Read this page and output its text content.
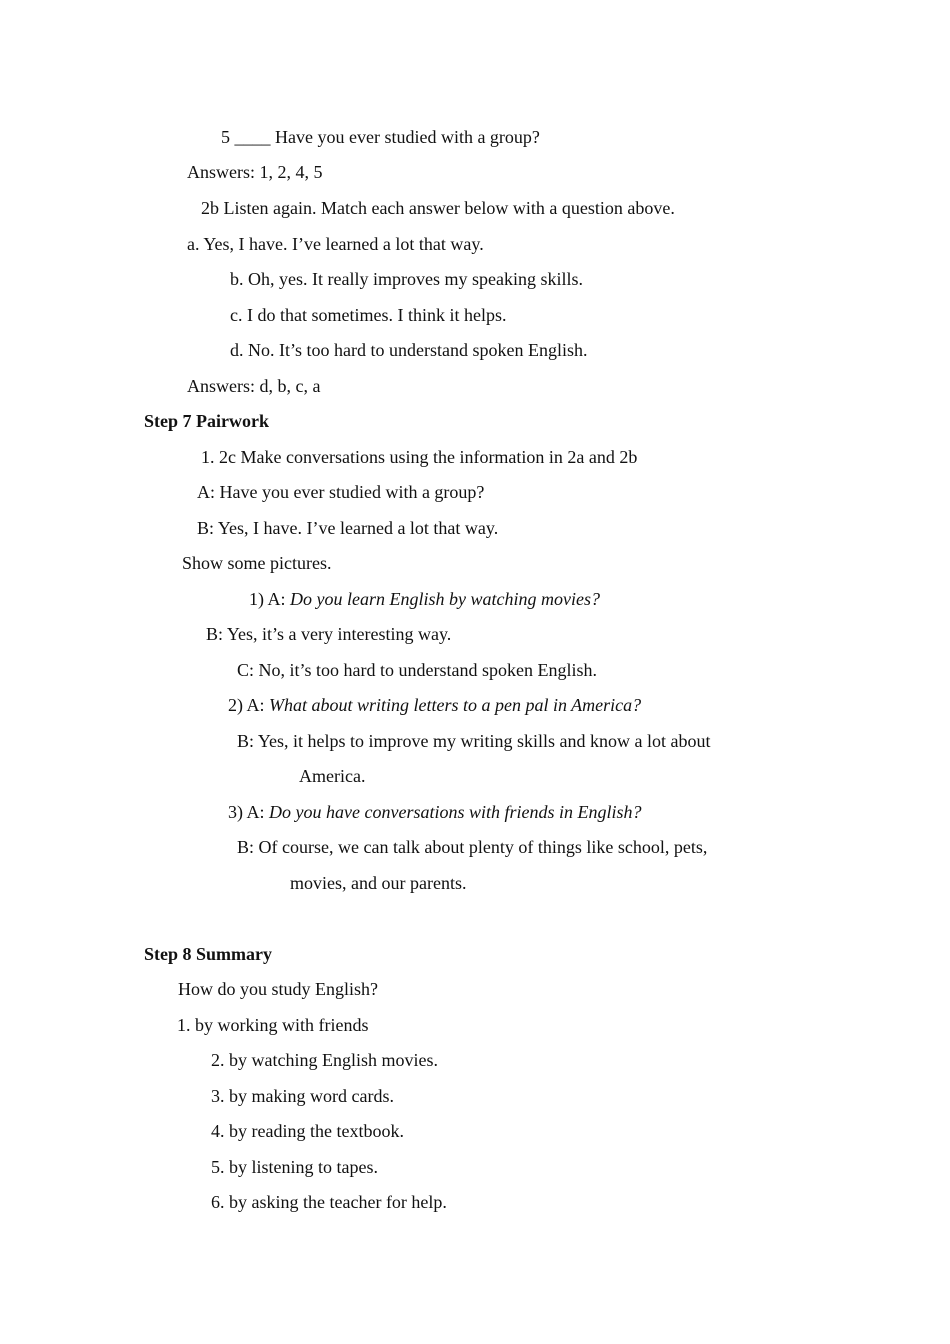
5 ____ Have you ever studied with a group?

Answers: 1, 2, 4, 5

2b Listen again. Match each answer below with a question above.

a. Yes, I have. I’ve learned a lot that way.

b. Oh, yes. It really improves my speaking skills.

c. I do that sometimes. I think it helps.

d. No. It’s too hard to understand spoken English.

Answers: d, b, c, a

Step 7 Pairwork

1. 2c Make conversations using the information in 2a and 2b

A: Have you ever studied with a group?

B: Yes, I have. I’ve learned a lot that way.

Show some pictures.

1) A: Do you learn English by watching movies?

B: Yes, it’s a very interesting way.

C: No, it’s too hard to understand spoken English.

2) A: What about writing letters to a pen pal in America?

B: Yes, it helps to improve my writing skills and know a lot about

America.

3) A: Do you have conversations with friends in English?

B: Of course, we can talk about plenty of things like school, pets,

movies, and our parents.

Step 8 Summary

How do you study English?

1. by working with friends

2. by watching English movies.

3. by making word cards.

4. by reading the textbook.

5. by listening to tapes.

6. by asking the teacher for help.
